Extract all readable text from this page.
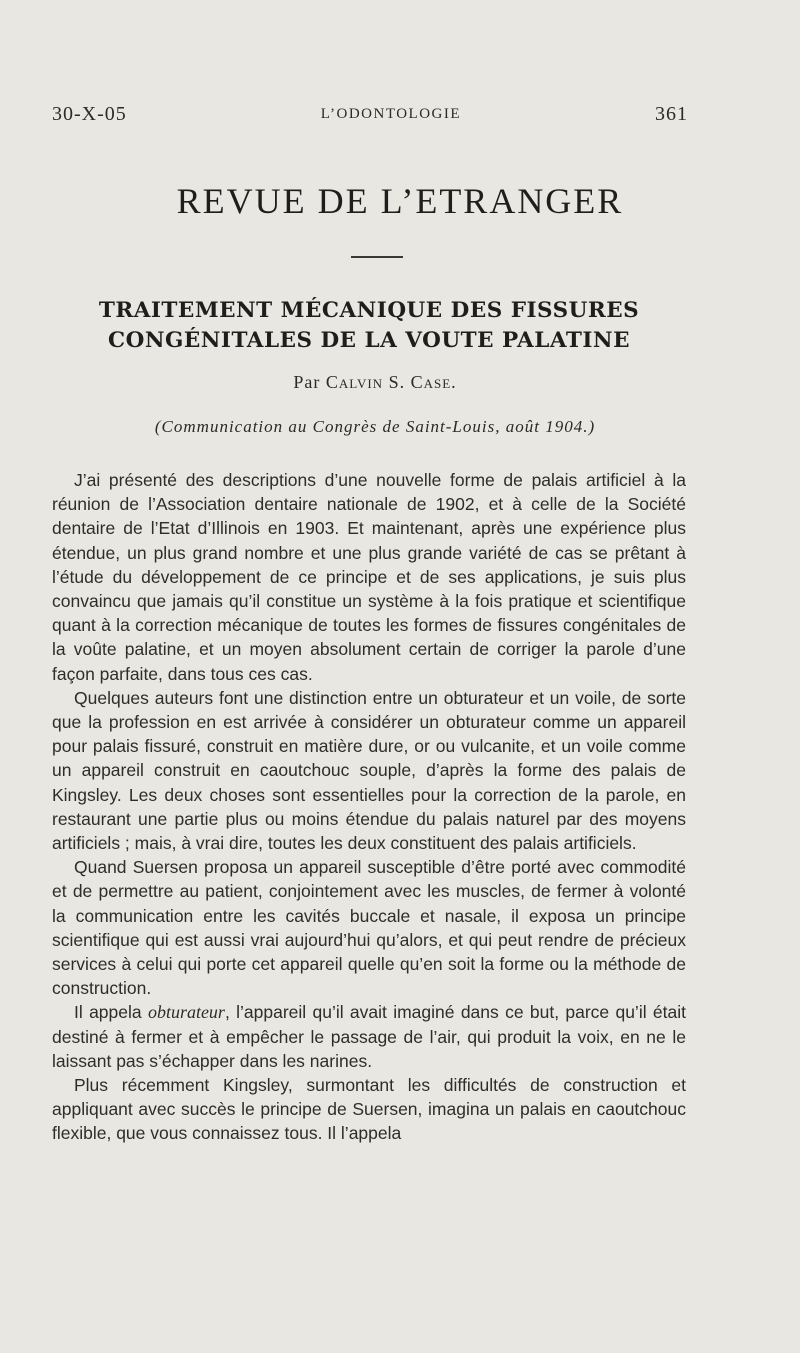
30-X-05	L’ODONTOLOGIE	361
REVUE DE L’ETRANGER
TRAITEMENT MÉCANIQUE DES FISSURES
CONGÉNITALES DE LA VOUTE PALATINE
Par Calvin S. Case.
(Communication au Congrès de Saint-Louis, août 1904.)

J’ai présenté des descriptions d’une nouvelle forme de palais artificiel à la réunion de l’Association dentaire nationale de 1902, et à celle de la Société dentaire de l’Etat d’Illinois en 1903. Et maintenant, après une expérience plus étendue, un plus grand nombre et une plus grande variété de cas se prêtant à l’étude du développement de ce principe et de ses applications, je suis plus convaincu que jamais qu’il constitue un système à la fois pratique et scientifique quant à la correction mécanique de toutes les formes de fissures congénitales de la voûte palatine, et un moyen absolument certain de corriger la parole d’une façon parfaite, dans tous ces cas.

Quelques auteurs font une distinction entre un obturateur et un voile, de sorte que la profession en est arrivée à considérer un obturateur comme un appareil pour palais fissuré, construit en matière dure, or ou vulcanite, et un voile comme un appareil construit en caoutchouc souple, d’après la forme des palais de Kingsley. Les deux choses sont essentielles pour la correction de la parole, en restaurant une partie plus ou moins étendue du palais naturel par des moyens artificiels ; mais, à vrai dire, toutes les deux constituent des palais artificiels.

Quand Suersen proposa un appareil susceptible d’être porté avec commodité et de permettre au patient, conjointement avec les muscles, de fermer à volonté la communication entre les cavités buccale et nasale, il exposa un principe scientifique qui est aussi vrai aujourd’hui qu’alors, et qui peut rendre de précieux services à celui qui porte cet appareil quelle qu’en soit la forme ou la méthode de construction.

Il appela obturateur, l’appareil qu’il avait imaginé dans ce but, parce qu’il était destiné à fermer et à empêcher le passage de l’air, qui produit la voix, en ne le laissant pas s’échapper dans les narines.

Plus récemment Kingsley, surmontant les difficultés de construction et appliquant avec succès le principe de Suersen, imagina un palais en caoutchouc flexible, que vous connaissez tous. Il l’appela
